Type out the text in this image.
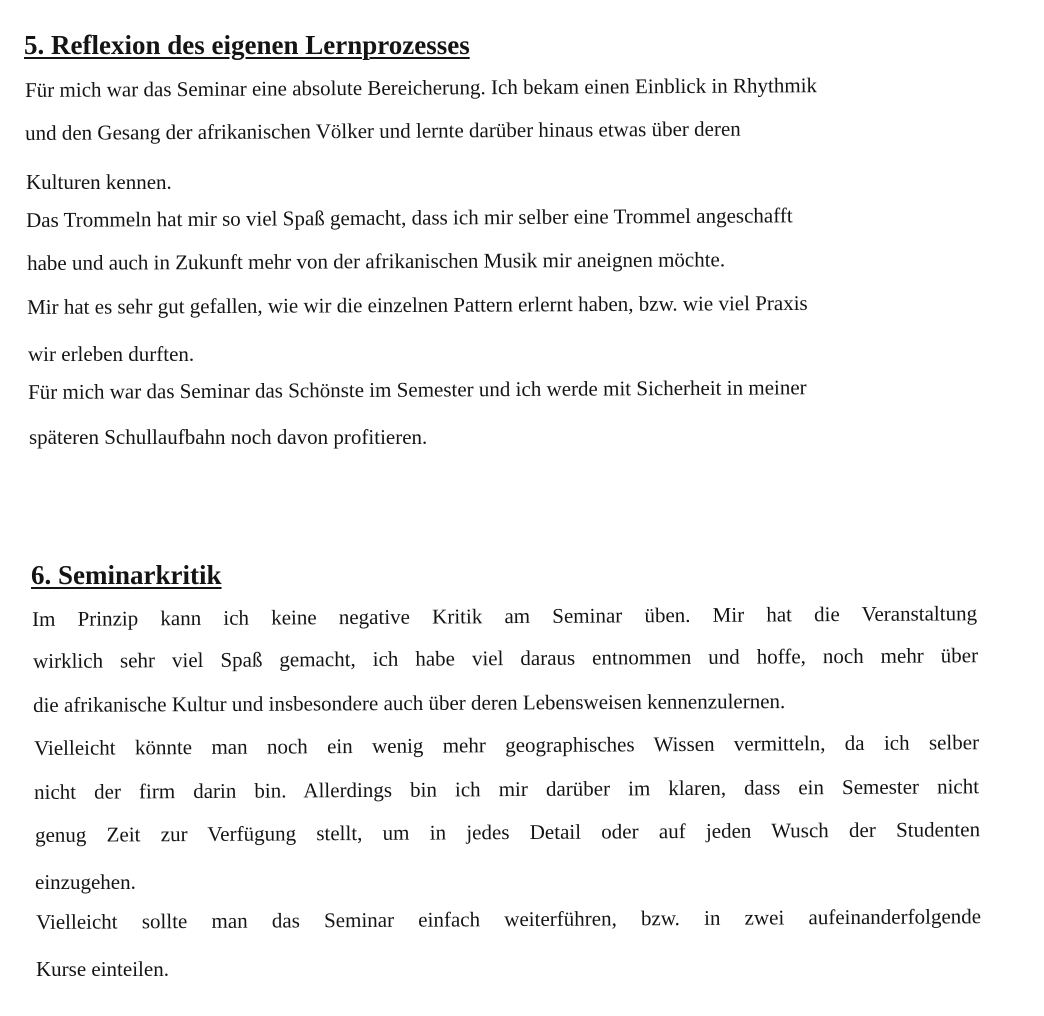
5. Reflexion des eigenen Lernprozesses

Für mich war das Seminar eine absolute Bereicherung. Ich bekam einen Einblick in Rhythmik

und den Gesang der afrikanischen Völker und lernte darüber hinaus etwas über deren

Kulturen kennen.

Das Trommeln hat mir so viel Spaß gemacht, dass ich mir selber eine Trommel angeschafft

habe und auch in Zukunft mehr von der afrikanischen Musik mir aneignen möchte.

Mir hat es sehr gut gefallen, wie wir die einzelnen Pattern erlernt haben, bzw. wie viel Praxis

wir erleben durften.

Für mich war das Seminar das Schönste im Semester und ich werde mit Sicherheit in meiner

späteren Schullaufbahn noch davon profitieren.

6. Seminarkritik

Im Prinzip kann ich keine negative Kritik am Seminar üben. Mir hat die Veranstaltung

wirklich sehr viel Spaß gemacht, ich habe viel daraus entnommen und hoffe, noch mehr über

die afrikanische Kultur und insbesondere auch über deren Lebensweisen kennenzulernen.

Vielleicht könnte man noch ein wenig mehr geographisches Wissen vermitteln, da ich selber

nicht der firm darin bin. Allerdings bin ich mir darüber im klaren, dass ein Semester nicht

genug Zeit zur Verfügung stellt, um in jedes Detail oder auf jeden Wusch der Studenten

einzugehen.

Vielleicht sollte man das Seminar einfach weiterführen, bzw. in zwei aufeinanderfolgende

Kurse einteilen.
